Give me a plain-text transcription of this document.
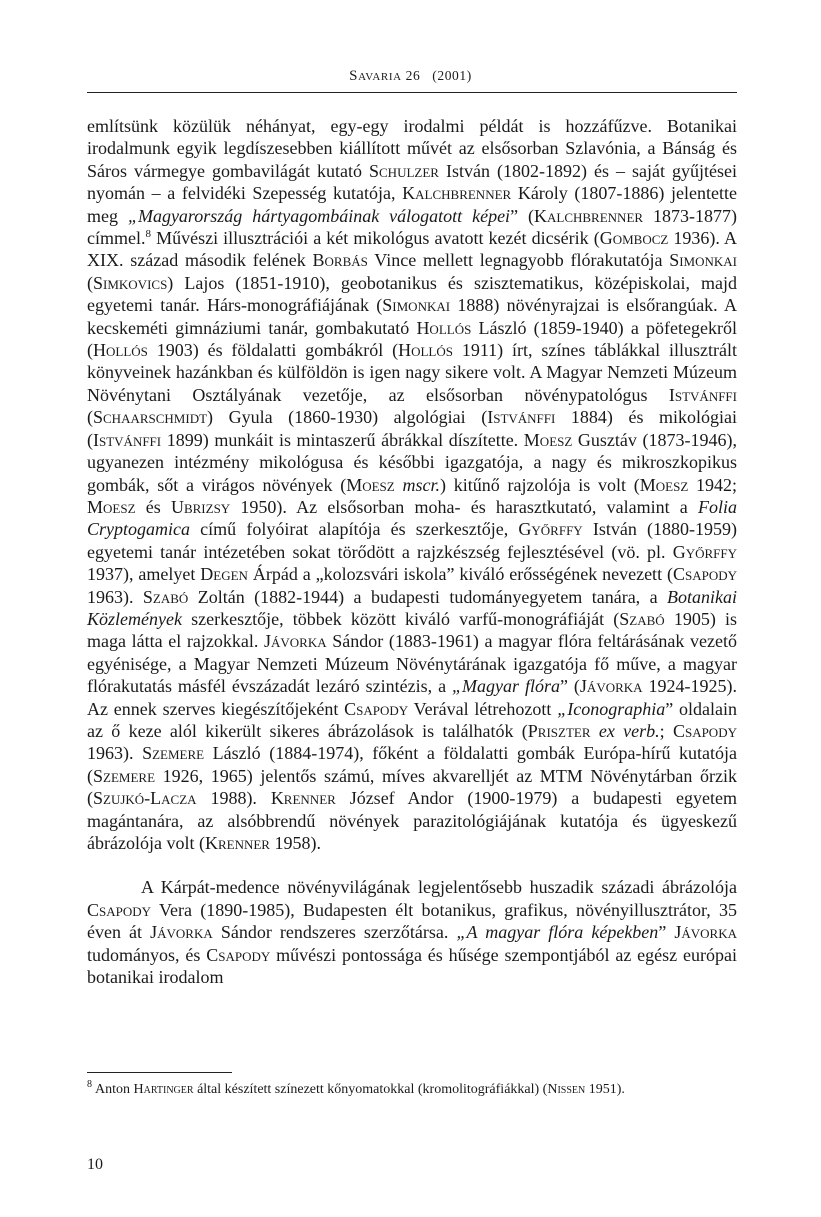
Savaria 26 (2001)

említsünk közülük néhányat, egy-egy irodalmi példát is hozzáfűzve. Botanikai irodalmunk egyik legdíszesebben kiállított művét az elsősorban Szlavónia, a Bánság és Sáros vármegye gombavilágát kutató Schulzer István (1802-1892) és – saját gyűjtései nyomán – a felvidéki Szepesség kutatója, Kalchbrenner Károly (1807-1886) jelentette meg „Magyarország hártyagombáinak válogatott képei” (Kalchbrenner 1873-1877) címmel.$^8$ Művészi illusztrációi a két mikológus avatott kezét dicsérik (Gombocz 1936). A XIX. század második felének Borbás Vince mellett legnagyobb flórakutatója Simonkai (Simkovics) Lajos (1851-1910), geobotanikus és szisztematikus, középiskolai, majd egyetemi tanár. Hárs-monográfiájának (Simonkai 1888) növényrajzai is elsőrangúak. A kecskeméti gimnáziumi tanár, gombakutató Hollós László (1859-1940) a pöfetegekről (Hollós 1903) és földalatti gombákról (Hollós 1911) írt, színes táblákkal illusztrált könyveinek hazánkban és külföldön is igen nagy sikere volt. A Magyar Nemzeti Múzeum Növénytani Osztályának vezetője, az elsősorban növénypatológus Istvánffi (Schaarschmidt) Gyula (1860-1930) algológiai (Istvánffi 1884) és mikológiai (Istvánffi 1899) munkáit is mintaszerű ábrákkal díszítette. Moesz Gusztáv (1873-1946), ugyanezen intézmény mikológusa és későbbi igazgatója, a nagy és mikroszkopikus gombák, sőt a virágos növények (Moesz mscr.) kitűnő rajzolója is volt (Moesz 1942; Moesz és Ubrizsy 1950). Az elsősorban moha- és harasztkutató, valamint a Folia Cryptogamica című folyóirat alapítója és szerkesztője, Győrffy István (1880-1959) egyetemi tanár intézetében sokat törődött a rajzkészség fejlesztésével (vö. pl. Győrffy 1937), amelyet Degen Árpád a „kolozsvári iskola” kiváló erősségének nevezett (Csapody 1963). Szabó Zoltán (1882-1944) a budapesti tudományegyetem tanára, a Botanikai Közlemények szerkesztője, többek között kiváló varfű-monográfiáját (Szabó 1905) is maga látta el rajzokkal. Jávorka Sándor (1883-1961) a magyar flóra feltárásának vezető egyénisége, a Magyar Nemzeti Múzeum Növénytárának igazgatója fő műve, a magyar flórakutatás másfél évszázadát lezáró szintézis, a „Magyar flóra” (Jávorka 1924-1925). Az ennek szerves kiegészítőjeként Csapody Verával létrehozott „Iconographia” oldalain az ő keze alól kikerült sikeres ábrázolások is találhatók (Priszter ex verb.; Csapody 1963). Szemere László (1884-1974), főként a földalatti gombák Európa-hírű kutatója (Szemere 1926, 1965) jelentős számú, míves akvarelljét az MTM Növénytárban őrzik (Szujkó-Lacza 1988). Krenner József Andor (1900-1979) a budapesti egyetem magántanára, az alsóbbrendű növények parazitológiájának kutatója és ügyeskezű ábrázolója volt (Krenner 1958).

A Kárpát-medence növényvilágának legjelentősebb huszadik századi ábrázolója Csapody Vera (1890-1985), Budapesten élt botanikus, grafikus, növényillusztrátor, 35 éven át Jávorka Sándor rendszeres szerzőtársa. „A magyar flóra képekben” Jávorka tudományos, és Csapody művészi pontossága és hűsége szempontjából az egész európai botanikai irodalom

$^8$ Anton Hartinger által készített színezett kőnyomatokkal (kromolitográfiákkal) (Nissen 1951).
10
